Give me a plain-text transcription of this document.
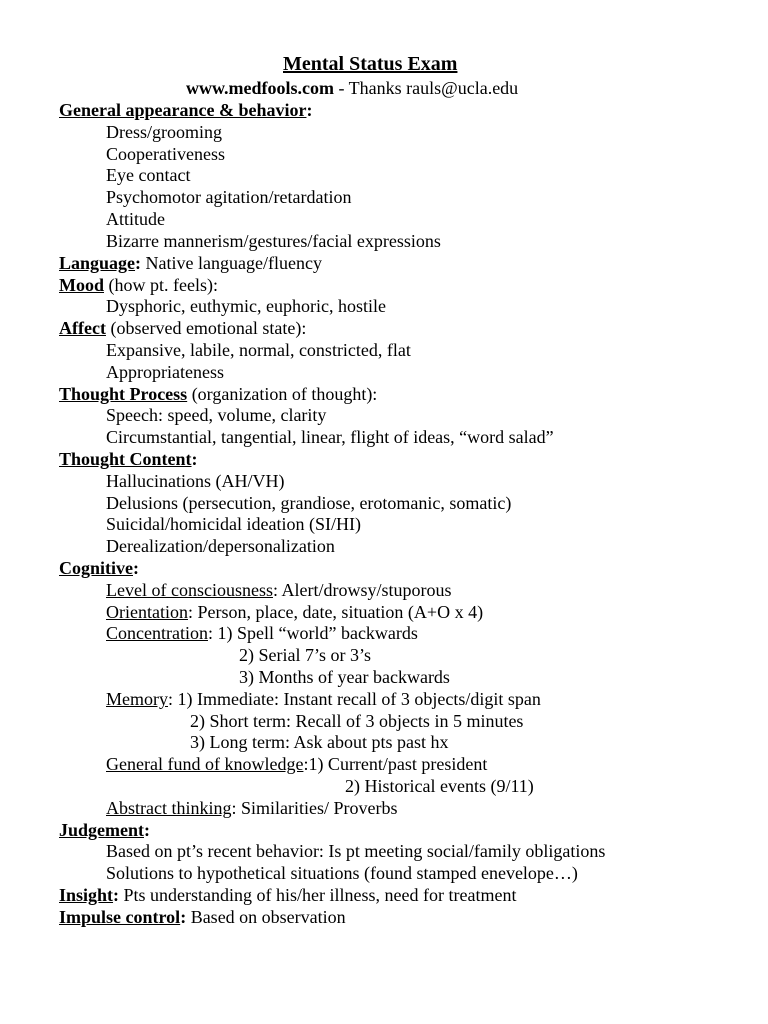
Mental Status Exam
www.medfools.com - Thanks rauls@ucla.edu
General appearance & behavior:
Dress/grooming
Cooperativeness
Eye contact
Psychomotor agitation/retardation
Attitude
Bizarre mannerism/gestures/facial expressions
Language: Native language/fluency
Mood (how pt. feels):
Dysphoric, euthymic, euphoric, hostile
Affect (observed emotional state):
Expansive, labile, normal, constricted, flat
Appropriateness
Thought Process (organization of thought):
Speech: speed, volume, clarity
Circumstantial, tangential, linear, flight of ideas, “word salad”
Thought Content:
Hallucinations (AH/VH)
Delusions (persecution, grandiose, erotomanic, somatic)
Suicidal/homicidal ideation (SI/HI)
Derealization/depersonalization
Cognitive:
Level of consciousness: Alert/drowsy/stuporous
Orientation: Person, place, date, situation (A+O x 4)
Concentration: 1) Spell “world” backwards
2) Serial 7’s or 3’s
3) Months of year backwards
Memory: 1) Immediate: Instant recall of 3 objects/digit span
2) Short term: Recall of 3 objects in 5 minutes
3) Long term: Ask about pts past hx
General fund of knowledge:1) Current/past president
2) Historical events (9/11)
Abstract thinking: Similarities/ Proverbs
Judgement:
Based on pt’s recent behavior: Is pt meeting social/family obligations
Solutions to hypothetical situations (found stamped enevelope…)
Insight: Pts understanding of his/her illness, need for treatment
Impulse control: Based on observation
